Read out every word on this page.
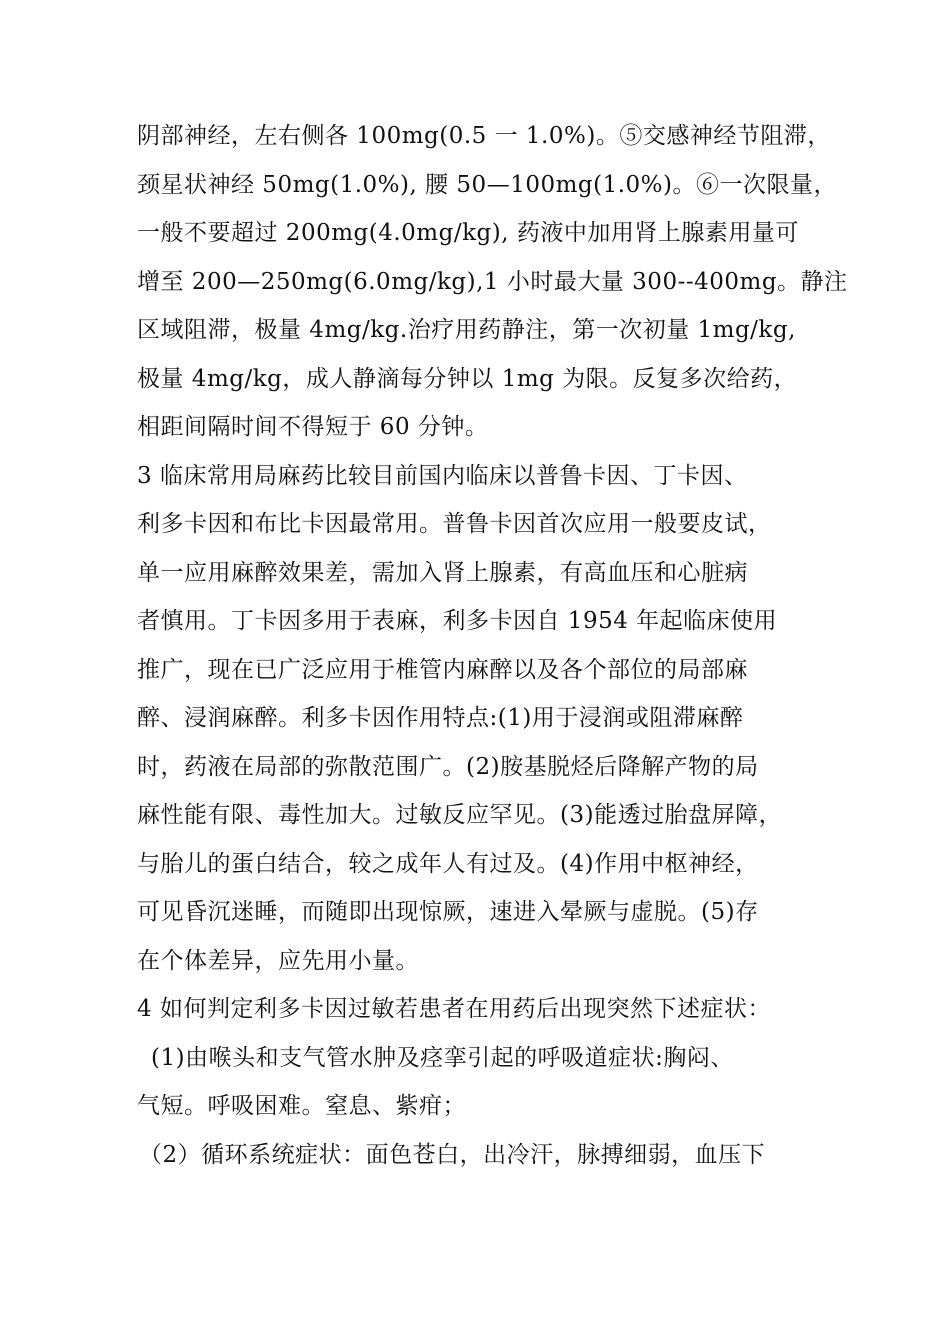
阴部神经，左右侧各 100mg(0.5 一 1.0%)。⑤交感神经节阻滞，
颈星状神经 50mg(1.0%), 腰 50—100mg(1.0%)。⑥一次限量，
一般不要超过 200mg(4.0mg/kg), 药液中加用肾上腺素用量可
增至 200—250mg(6.0mg/kg),1 小时最大量 300--400mg。静注
区域阻滞，极量 4mg/kg.治疗用药静注，第一次初量 1mg/kg,
极量 4mg/kg，成人静滴每分钟以 1mg 为限。反复多次给药，
相距间隔时间不得短于 60 分钟。
3 临床常用局麻药比较目前国内临床以普鲁卡因、丁卡因、
利多卡因和布比卡因最常用。普鲁卡因首次应用一般要皮试，
单一应用麻醉效果差，需加入肾上腺素，有高血压和心脏病
者慎用。丁卡因多用于表麻，利多卡因自 1954 年起临床使用
推广，现在已广泛应用于椎管内麻醉以及各个部位的局部麻
醉、浸润麻醉。利多卡因作用特点:(1)用于浸润或阻滞麻醉
时，药液在局部的弥散范围广。(2)胺基脱烃后降解产物的局
麻性能有限、毒性加大。过敏反应罕见。(3)能透过胎盘屏障，
与胎儿的蛋白结合，较之成年人有过及。(4)作用中枢神经，
可见昏沉迷睡，而随即出现惊厥，速进入晕厥与虚脱。(5)存
在个体差异，应先用小量。
4 如何判定利多卡因过敏若患者在用药后出现突然下述症状：
(1)由喉头和支气管水肿及痉挛引起的呼吸道症状:胸闷、
气短。呼吸困难。窒息、紫疳；
（2）循环系统症状：面色苍白，出冷汗，脉搏细弱，血压下
